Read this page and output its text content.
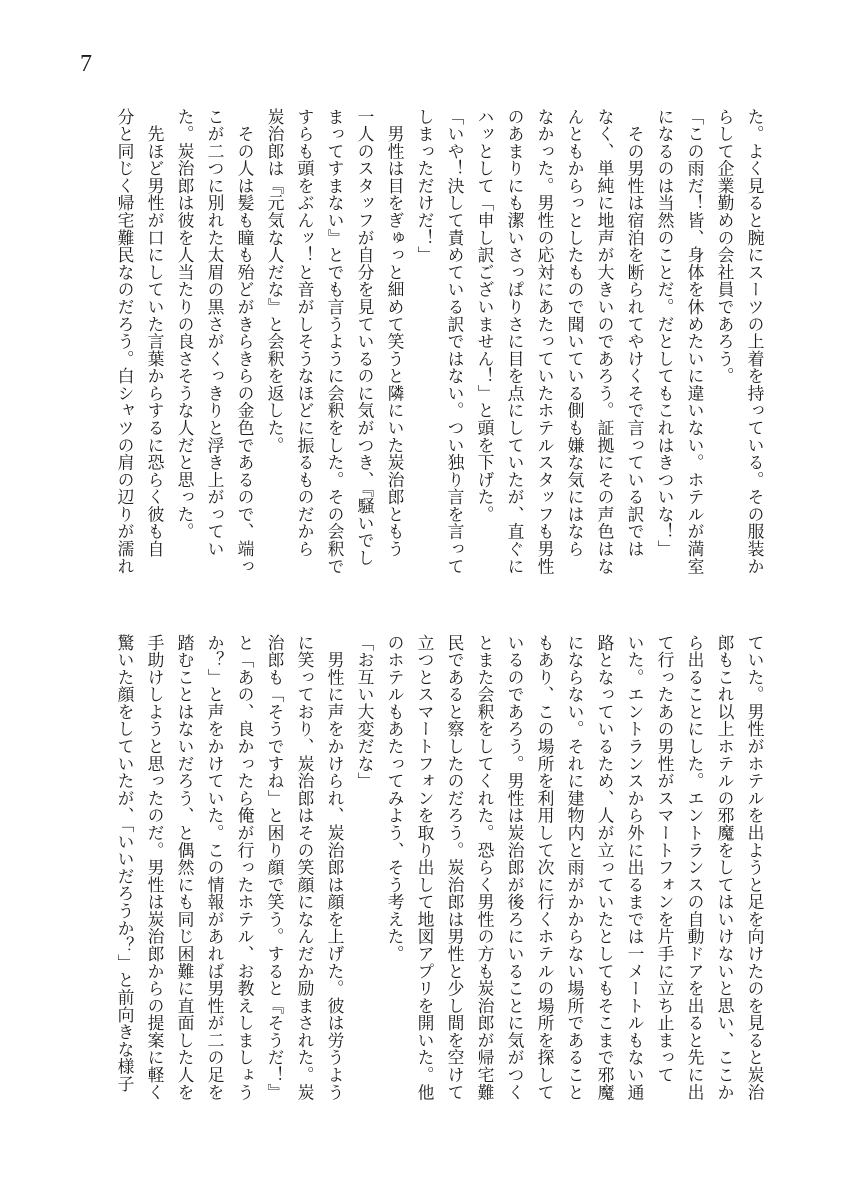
7
た。よく見ると腕にスーツの上着を持っている。その服装か
らして企業勤めの会社員であろう。
「この雨だ！皆、身体を休めたいに違いない。ホテルが満室
になるのは当然のことだ。だとしてもこれはきついな！」
　その男性は宿泊を断られてやけくそで言っている訳では
なく、単純に地声が大きいのであろう。証拠にその声色はな
んともからっとしたもので聞いている側も嫌な気にはなら
なかった。男性の応対にあたっていたホテルスタッフも男性
のあまりにも潔いさっぱりさに目を点にしていたが、直ぐに
ハッとして「申し訳ございません！」と頭を下げた。
「いや！決して責めている訳ではない。つい独り言を言って
しまっただけだ！」
　男性は目をぎゅっと細めて笑うと隣にいた炭治郎ともう
一人のスタッフが自分を見ているのに気がつき、『騒いでし
まってすまない』とでも言うように会釈をした。その会釈で
すらも頭をぶんッ！と音がしそうなほどに振るものだから
炭治郎は『元気な人だな』と会釈を返した。
　その人は髪も瞳も殆どがきらきらの金色であるので、端っ
こが二つに別れた太眉の黒さがくっきりと浮き上がってい
た。炭治郎は彼を人当たりの良さそうな人だと思った。
　先ほど男性が口にしていた言葉からするに恐らく彼も自
分と同じく帰宅難民なのだろう。白シャツの肩の辺りが濡れ
ていた。男性がホテルを出ようと足を向けたのを見ると炭治
郎もこれ以上ホテルの邪魔をしてはいけないと思い、ここか
ら出ることにした。エントランスの自動ドアを出ると先に出
て行ったあの男性がスマートフォンを片手に立ち止まって
いた。エントランスから外に出るまでは一メートルもない通
路となっているため、人が立っていたとしてもそこまで邪魔
にならない。それに建物内と雨がかからない場所であること
もあり、この場所を利用して次に行くホテルの場所を探して
いるのであろう。男性は炭治郎が後ろにいることに気がつく
とまた会釈をしてくれた。恐らく男性の方も炭治郎が帰宅難
民であると察したのだろう。炭治郎は男性と少し間を空けて
立つとスマートフォンを取り出して地図アプリを開いた。他
のホテルもあたってみよう、そう考えた。
「お互い大変だな」
　男性に声をかけられ、炭治郎は顔を上げた。彼は労うよう
に笑っており、炭治郎はその笑顔になんだか励まされた。炭
治郎も「そうですね」と困り顔で笑う。すると『そうだ！』
と「あの、良かったら俺が行ったホテル、お教えしましょう
か？」と声をかけていた。この情報があれば男性が二の足を
踏むことはないだろう、と偶然にも同じ困難に直面した人を
手助けしようと思ったのだ。男性は炭治郎からの提案に軽く
驚いた顔をしていたが、「いいだろうか？」と前向きな様子
